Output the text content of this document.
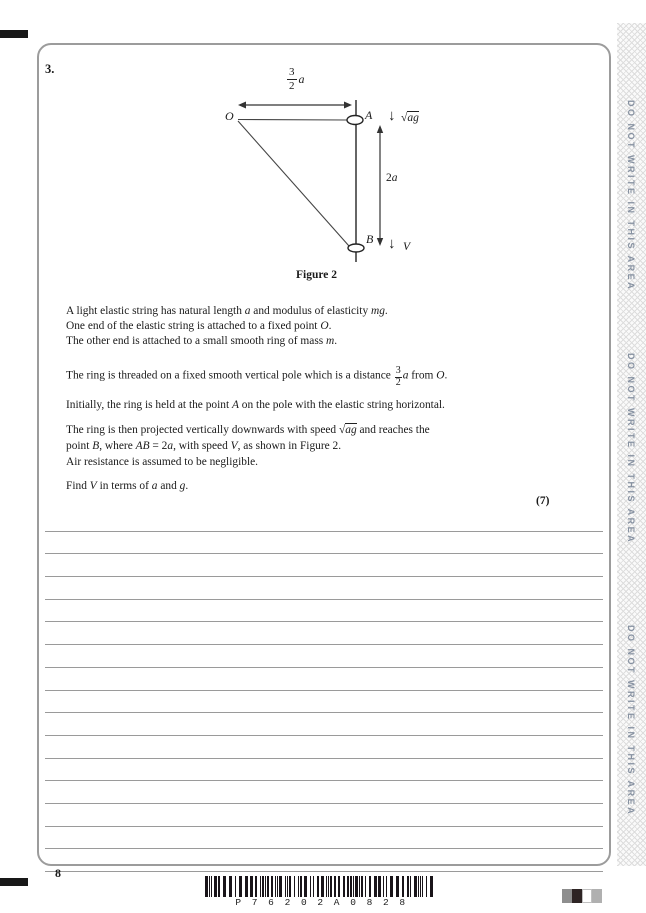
DO NOT WRITE IN THIS AREA
DO NOT WRITE IN THIS AREA
DO NOT WRITE IN THIS AREA
3.	$\frac{3}{2}$ a
O	A
B
↓ √ag
2a
↓ V
Figure 2
A light elastic string has natural length a and modulus of elasticity mg.
One end of the elastic string is attached to a fixed point O.
The other end is attached to a small smooth ring of mass m.
The ring is threaded on a fixed smooth vertical pole which is a distance $\frac{3}{2}$ a from O.
Initially, the ring is held at the point A on the pole with the elastic string horizontal.
The ring is then projected vertically downwards with speed √ag and reaches the
point B, where AB = 2a, with speed V, as shown in Figure 2.
Air resistance is assumed to be negligible.
Find V in terms of a and g.
(7)
8
P 7 6 2 0 2 A 0 8 2 8
